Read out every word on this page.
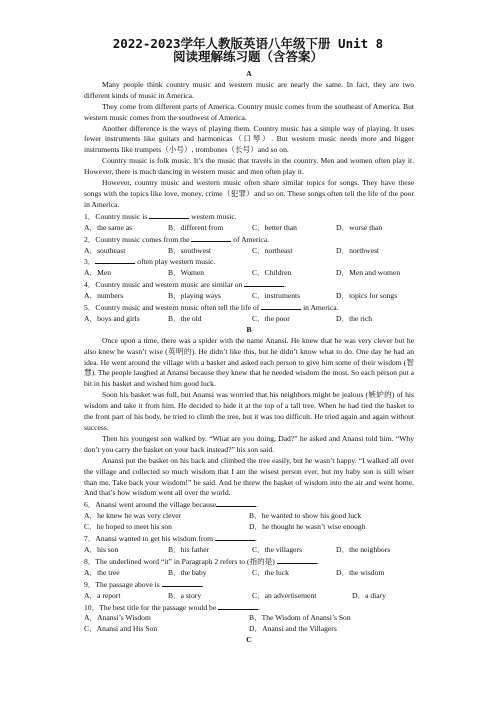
2022-2023学年人教版英语八年级下册 Unit 8
阅读理解练习题（含答案）
A

Many people think country music and western music are nearly the same. In fact, they are two different kinds of music in America.

They come from different parts of America. Country music comes from the southeast of America. But western music comes from the southwest of America.

Another difference is the ways of playing them. Country music has a simple way of playing. It uses fewer instruments like guitars and harmonicas（口琴）. But western music needs more and bigger instruments like trumpets（小号）, trombones（长号）and so on.

Country music is folk music. It’s the music that travels in the country. Men and women often play it. However, there is much dancing in western music and men often play it.

However, country music and western music often share similar topics for songs. They have these songs with the topics like love, money, crime（犯罪）and so on. These songs often tell the life of the poor in America.

1．Country music is	western music.

A．the same as	B．different from	C．better than	D．worse than

2．Country music comes from the	of America.

A．southeast	B．southwest	C．northeast	D．northwest

3．	often play western music.

A．Men	B．Women	C．Children	D．Men and women

4．Country music and western music are similar on	.

A．numbers	B．playing ways	C．instruments	D．topics for songs

5．Country music and western music often tell the life of	in America.

A．boys and girls	B．the old	C．the poor	D．the rich
B

Once upon a time, there was a spider with the name Anansi. He knew that he was very clever but he also knew he wasn’t wise (英明的). He didn’t like this, but he didn’t know what to do. One day he had an idea. He went around the village with a basket and asked each person to give him some of their wisdom (智慧). The people laughed at Anansi because they knew that he needed wisdom the most. So each person put a bit in his basket and wished him good luck.

Soon his basket was full, but Anansi was worried that his neighbors might be jealous (嫉妒的) of his wisdom and take it from him. He decided to hide it at the top of a tall tree. When he had tied the basket to the front part of his body, he tried to climb the tree, but it was too difficult. He tried again and again without success.

Then his youngest son walked by. “What are you doing, Dad?” he asked and Anansi told him. “Why don’t you carry the basket on your back instead?” his son said.

Anansi put the basket on his back and climbed the tree easily, but he wasn’t happy. “I walked all over the village and collected so much wisdom that I am the wisest person ever, but my baby son is still wiser than me. Take back your wisdom!” he said. And he threw the basket of wisdom into the air and went home. And that’s how wisdom went all over the world.

6．Anansi went around the village because	.

A．he knew he was very clever	B．he wanted to show his good luck
C．he hoped to meet his son	D．he thought he wasn’t wise enough

7．Anansi wanted to get his wisdom from	.

A．his son	B．his father	C．the villagers	D．the neighbors

8．The underlined word “it” in Paragraph 2 refers to (指的是)	.

A．the tree	B．the baby	C．the luck	D．the wisdom

9．The passage above is	.

A．a report	B．a story	C．an advertisement	D．a diary

10．The best title for the passage would be	.

A．Anansi’s Wisdom	B．The Wisdom of Anansi’s Son
C．Anansi and His Son	D．Anansi and the Villagers
C
